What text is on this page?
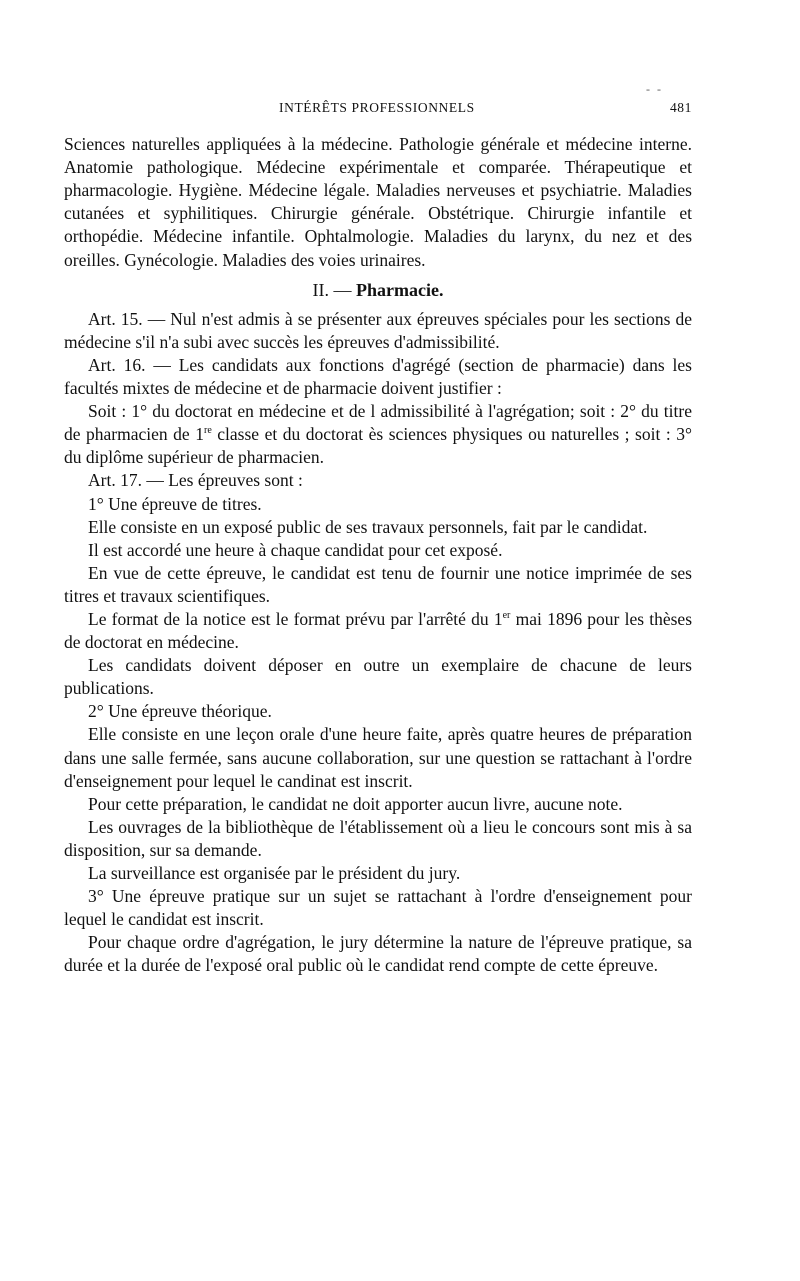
- -
INTÉRÊTS PROFESSIONNELS	481

Sciences naturelles appliquées à la médecine. Pathologie générale et médecine interne. Anatomie pathologique. Médecine expérimentale et comparée. Thérapeutique et pharmacologie. Hygiène. Médecine légale. Maladies nerveuses et psychiatrie. Maladies cutanées et syphilitiques. Chirurgie générale. Obstétrique. Chirurgie infantile et orthopédie. Médecine infantile. Ophtalmologie. Maladies du larynx, du nez et des oreilles. Gynécologie. Maladies des voies urinaires.

II. — Pharmacie.

Art. 15. — Nul n'est admis à se présenter aux épreuves spéciales pour les sections de médecine s'il n'a subi avec succès les épreuves d'admissibilité.

Art. 16. — Les candidats aux fonctions d'agrégé (section de pharmacie) dans les facultés mixtes de médecine et de pharmacie doivent justifier :

Soit : 1° du doctorat en médecine et de l admissibilité à l'agrégation; soit : 2° du titre de pharmacien de 1re classe et du doctorat ès sciences physiques ou naturelles ; soit : 3° du diplôme supérieur de pharmacien.

Art. 17. — Les épreuves sont :

1° Une épreuve de titres.

Elle consiste en un exposé public de ses travaux personnels, fait par le candidat.

Il est accordé une heure à chaque candidat pour cet exposé.

En vue de cette épreuve, le candidat est tenu de fournir une notice imprimée de ses titres et travaux scientifiques.

Le format de la notice est le format prévu par l'arrêté du 1er mai 1896 pour les thèses de doctorat en médecine.

Les candidats doivent déposer en outre un exemplaire de chacune de leurs publications.

2° Une épreuve théorique.

Elle consiste en une leçon orale d'une heure faite, après quatre heures de préparation dans une salle fermée, sans aucune collaboration, sur une question se rattachant à l'ordre d'enseignement pour lequel le candinat est inscrit.

Pour cette préparation, le candidat ne doit apporter aucun livre, aucune note.

Les ouvrages de la bibliothèque de l'établissement où a lieu le concours sont mis à sa disposition, sur sa demande.

La surveillance est organisée par le président du jury.

3° Une épreuve pratique sur un sujet se rattachant à l'ordre d'enseignement pour lequel le candidat est inscrit.

Pour chaque ordre d'agrégation, le jury détermine la nature de l'épreuve pratique, sa durée et la durée de l'exposé oral public où le candidat rend compte de cette épreuve.
